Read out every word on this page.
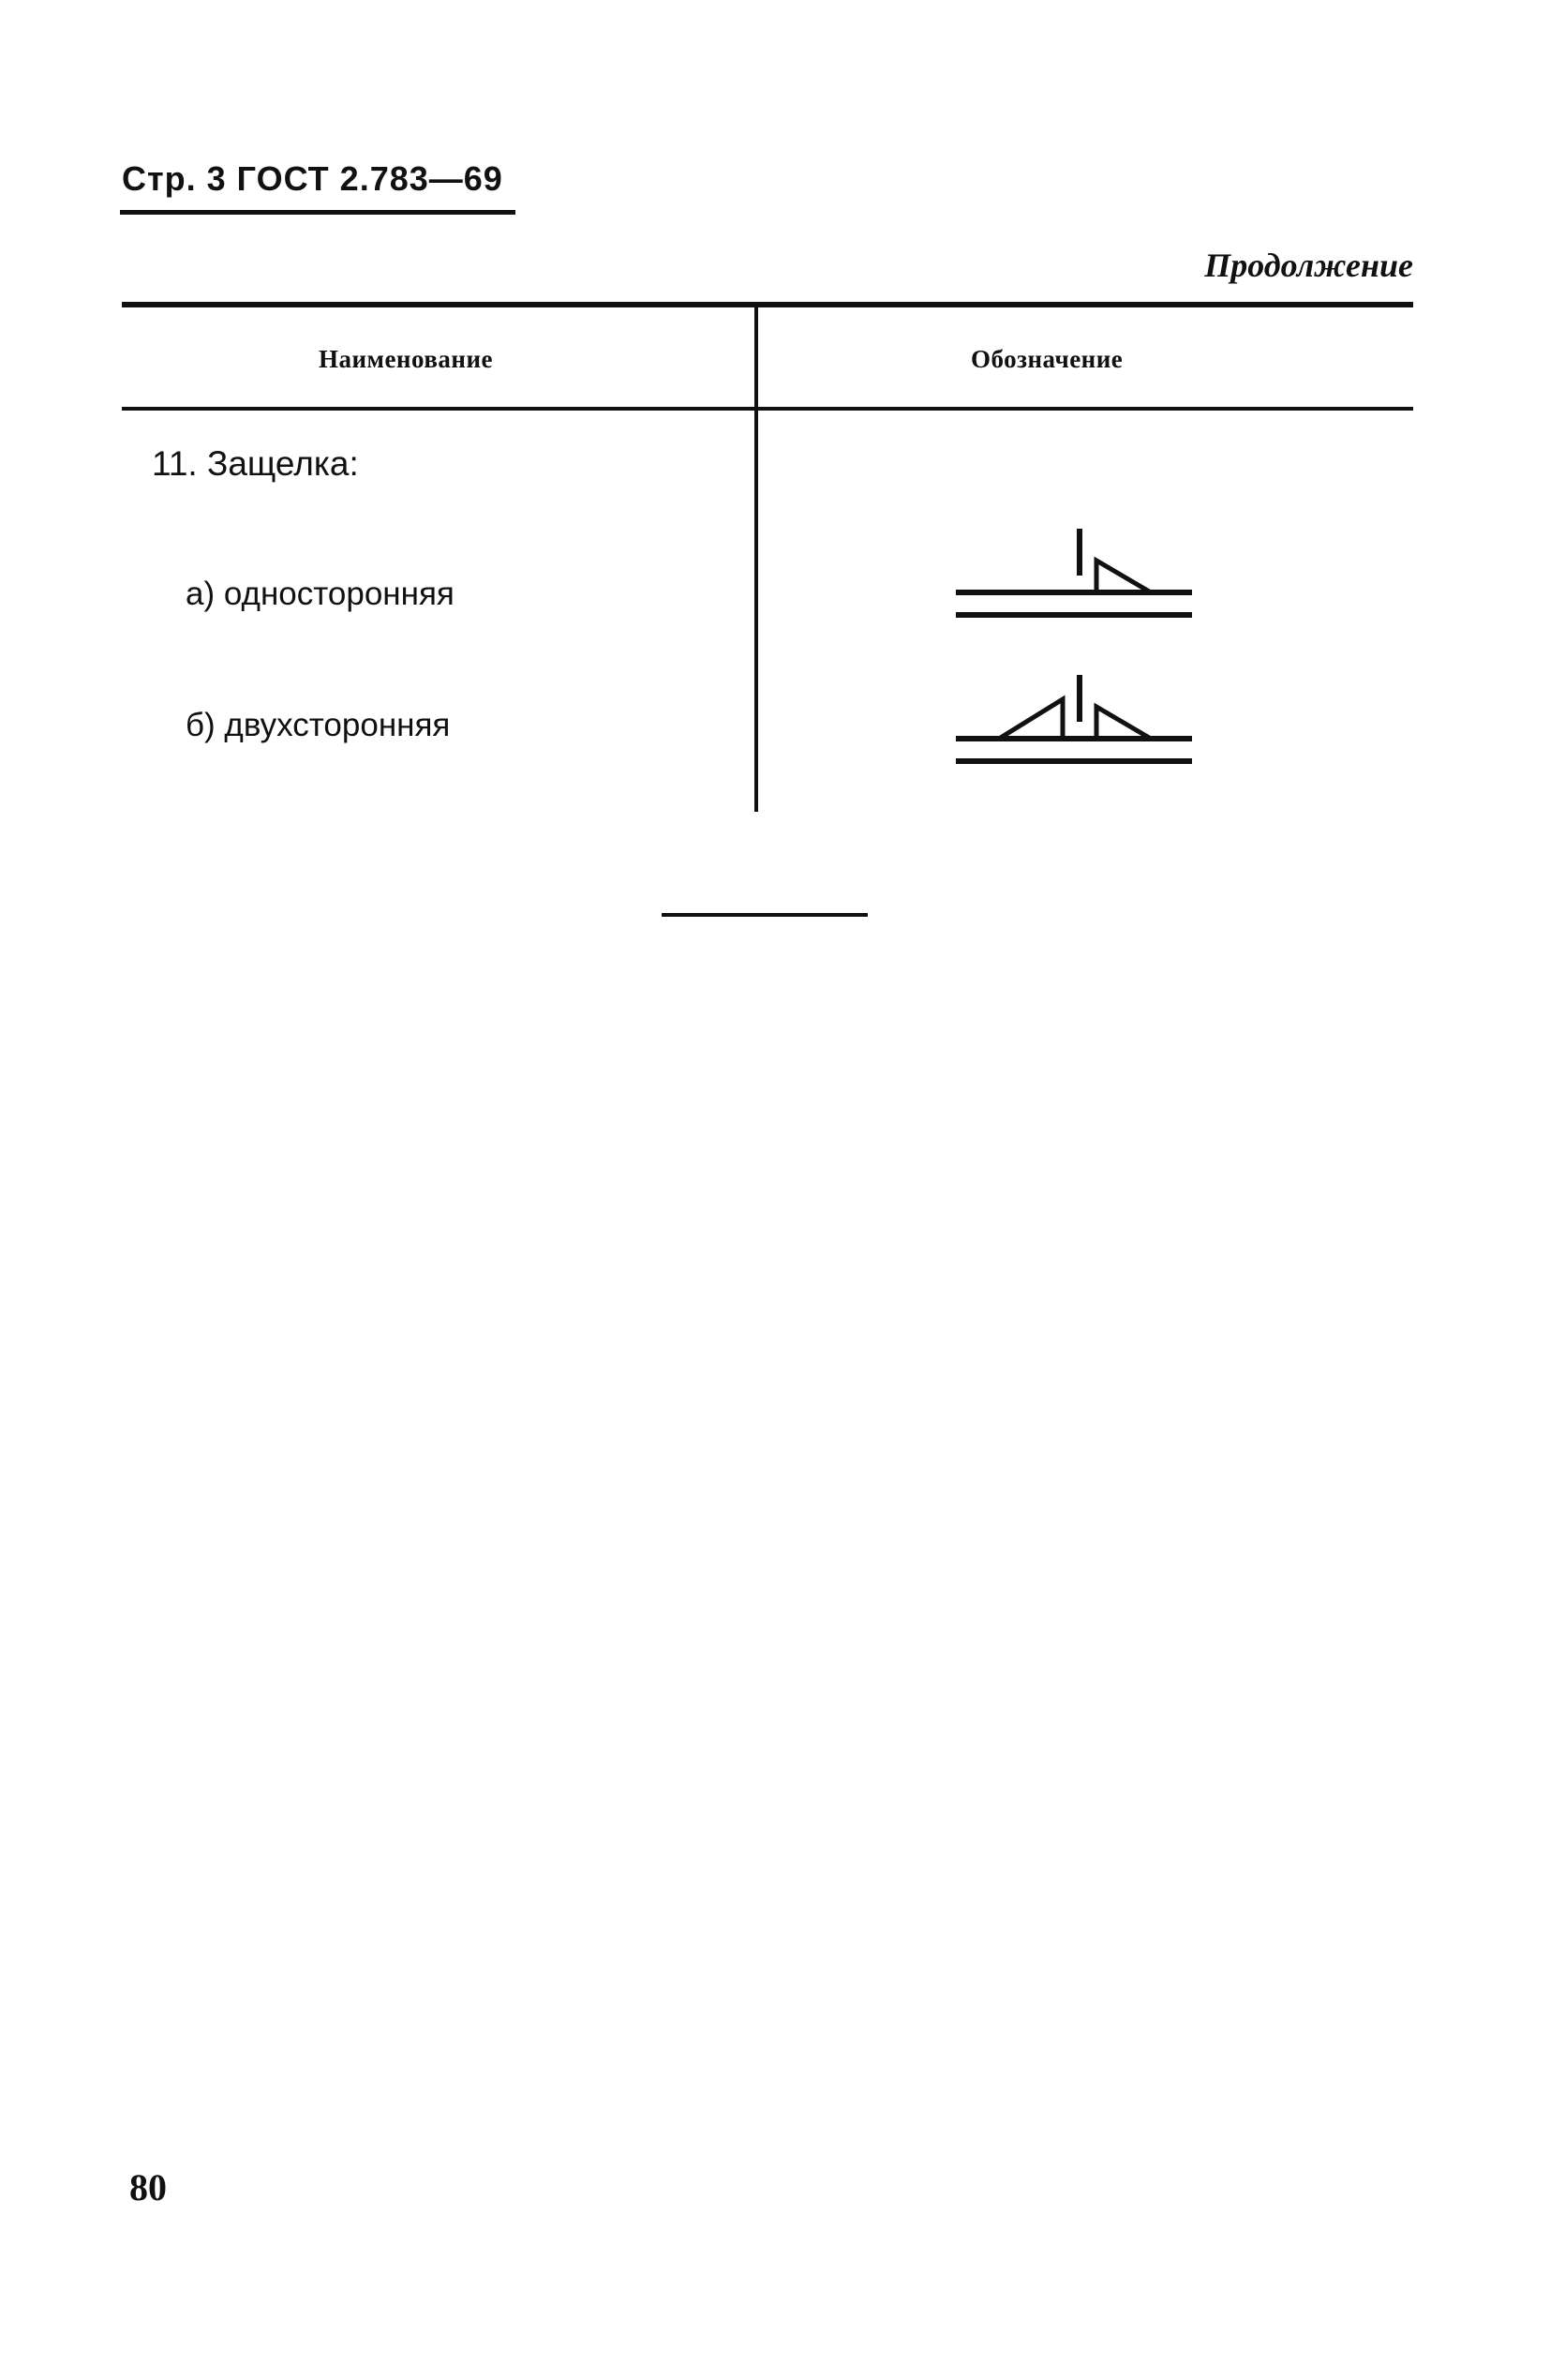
Стр. 3 ГОСТ 2.783—69
Продолжение
Наименование	Обозначение
11. Защелка:
а) односторонняя
б) двухсторонняя
80
